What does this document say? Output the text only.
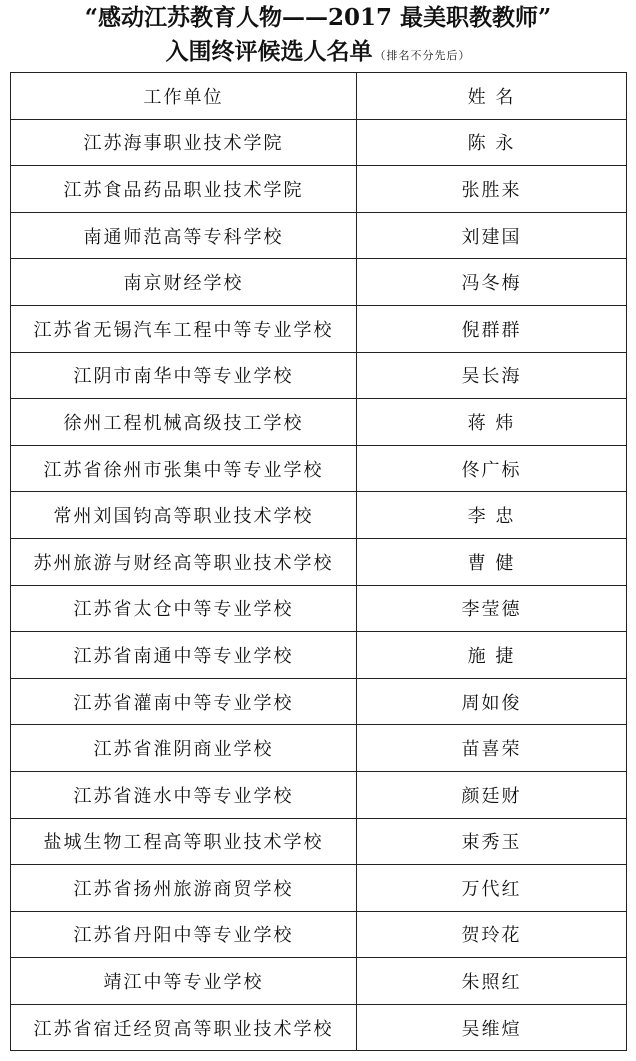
“感动江苏教育人物——2017 最美职教教师”
入围终评候选人名单 （排名不分先后）
工作单位	姓 名
江苏海事职业技术学院	陈 永
江苏食品药品职业技术学院	张胜来
南通师范高等专科学校	刘建国
南京财经学校	冯冬梅
江苏省无锡汽车工程中等专业学校	倪群群
江阴市南华中等专业学校	吴长海
徐州工程机械高级技工学校	蒋 炜
江苏省徐州市张集中等专业学校	佟广标
常州刘国钧高等职业技术学校	李 忠
苏州旅游与财经高等职业技术学校	曹 健
江苏省太仓中等专业学校	李莹德
江苏省南通中等专业学校	施 捷
江苏省灌南中等专业学校	周如俊
江苏省淮阴商业学校	苗喜荣
江苏省涟水中等专业学校	颜廷财
盐城生物工程高等职业技术学校	束秀玉
江苏省扬州旅游商贸学校	万代红
江苏省丹阳中等专业学校	贺玲花
靖江中等专业学校	朱照红
江苏省宿迁经贸高等职业技术学校	吴维煊
